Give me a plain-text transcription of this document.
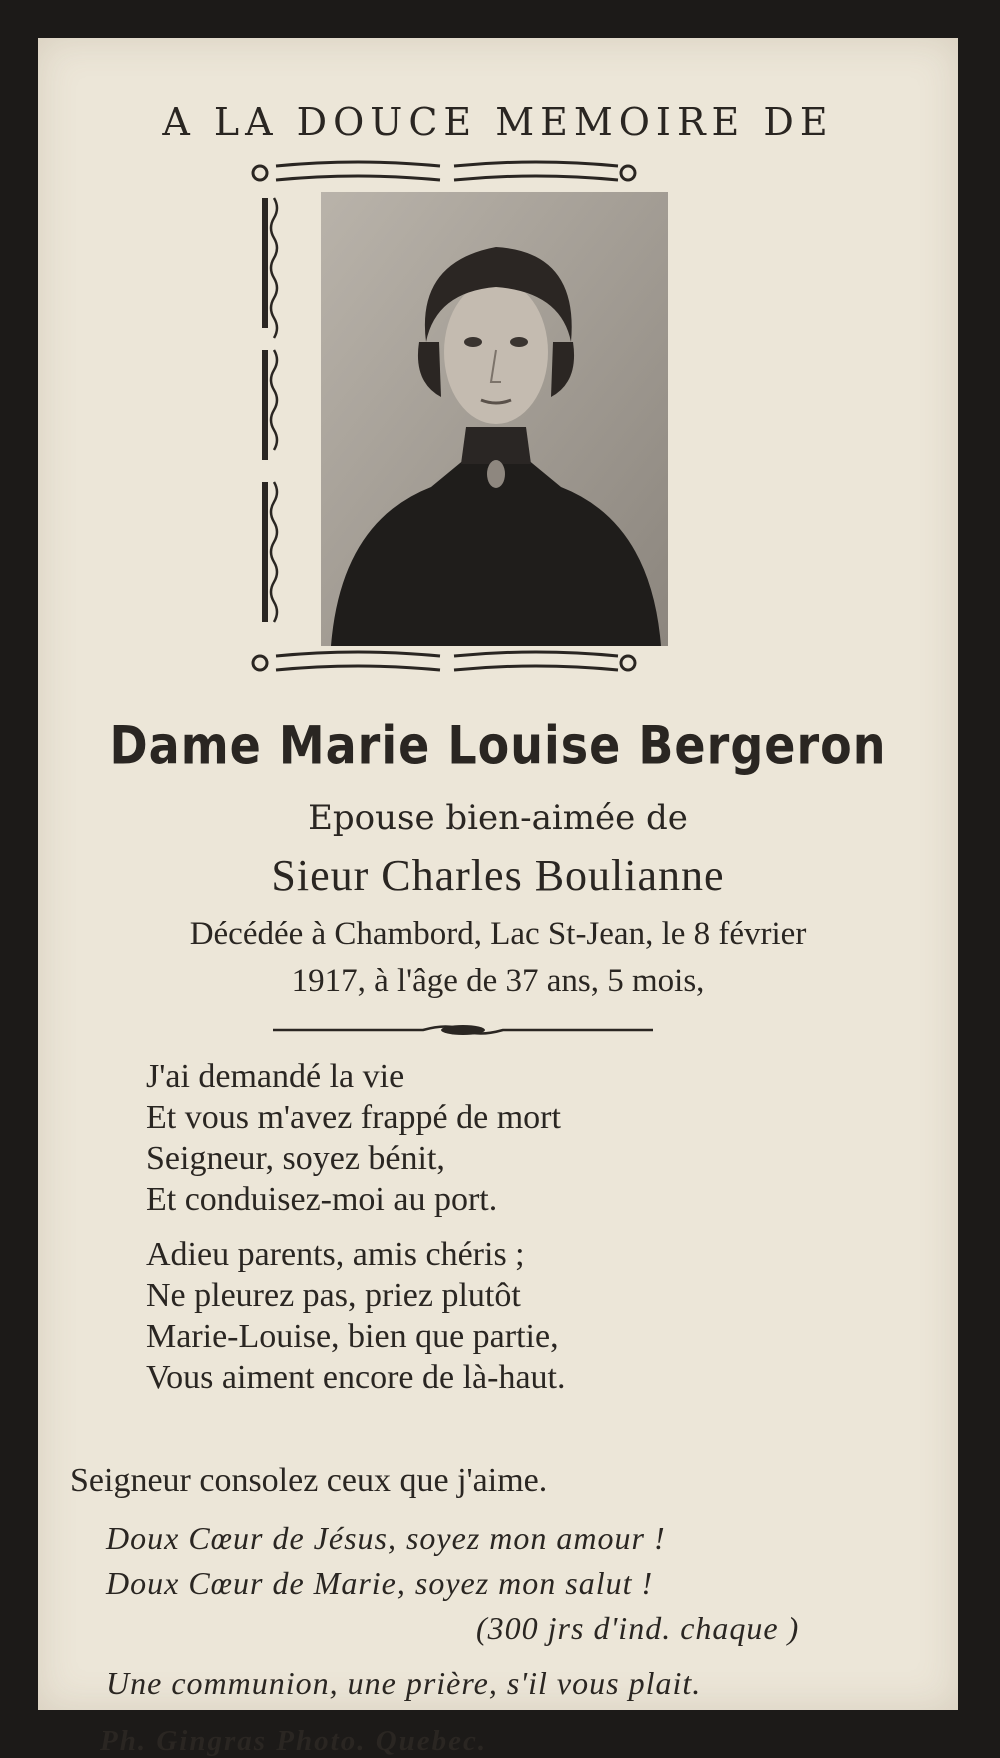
A LA DOUCE MEMOIRE DE

Dame Marie Louise Bergeron

Epouse bien-aimée de

Sieur Charles Boulianne

Décédée à Chambord, Lac St-Jean, le 8 février

1917, à l'âge de 37 ans, 5 mois,

J'ai demandé la vie

Et vous m'avez frappé de mort

Seigneur, soyez bénit,

Et conduisez-moi au port.

Adieu parents, amis chéris ;

Ne pleurez pas, priez plutôt

Marie-Louise, bien que partie,

Vous aiment encore de là-haut.

Seigneur consolez ceux que j'aime.

Doux Cœur de Jésus, soyez mon amour !

Doux Cœur de Marie, soyez mon salut !

(300 jrs d'ind. chaque )

Une communion, une prière, s'il vous plait.

Ph. Gingras Photo. Quebec.
